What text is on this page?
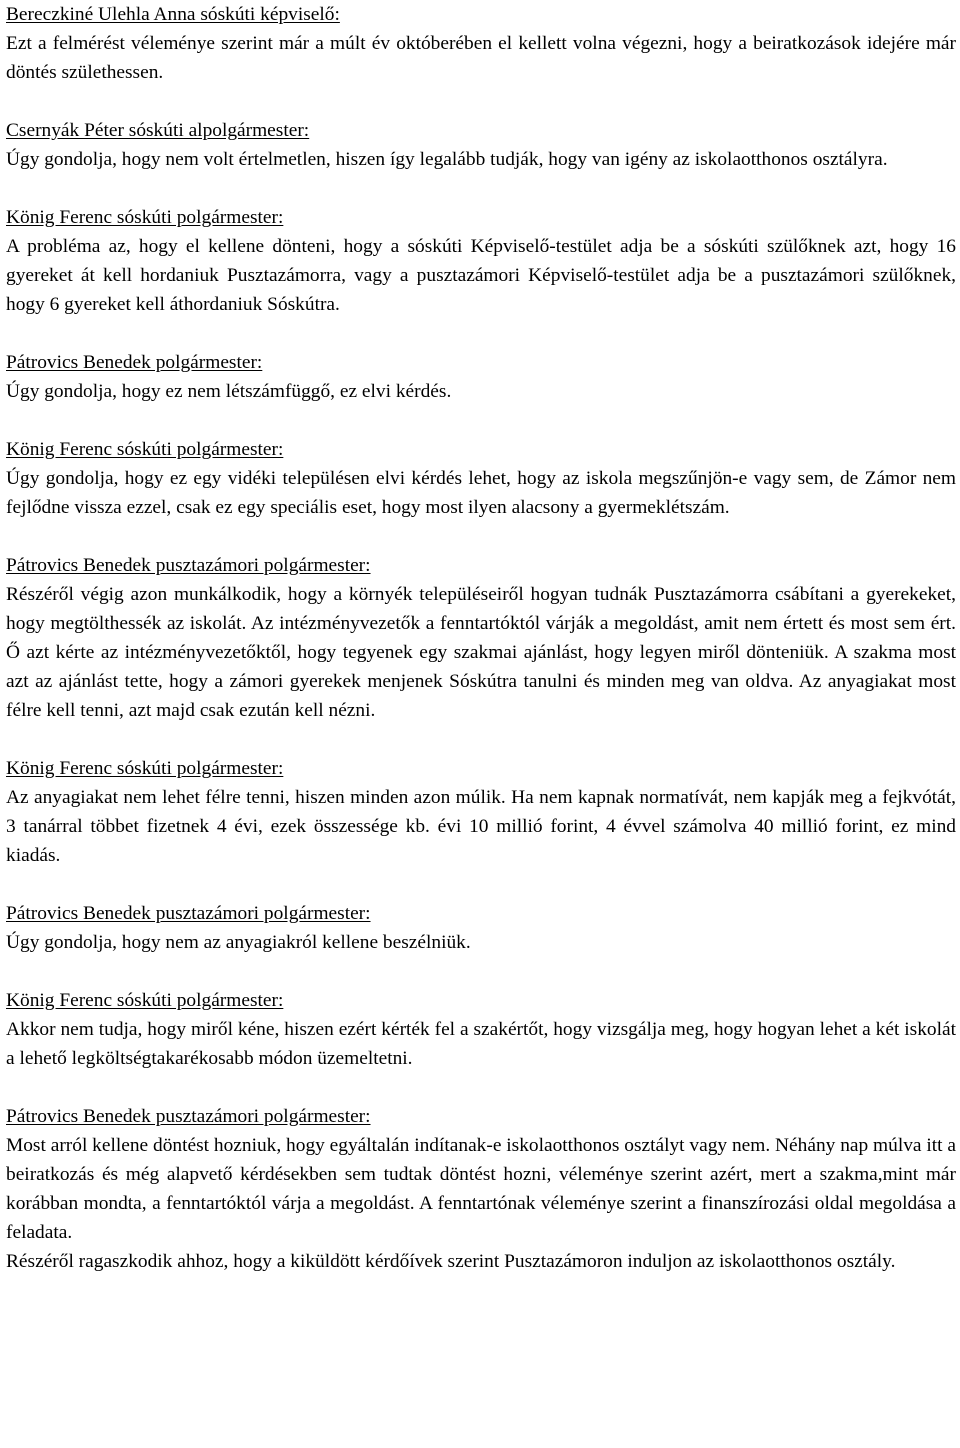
Bereczkiné Ulehla Anna sóskúti képviselő:

Ezt a felmérést véleménye szerint már a múlt év októberében el kellett volna végezni, hogy a beiratkozások idejére már döntés születhessen.

Csernyák Péter sóskúti alpolgármester:

Úgy gondolja, hogy nem volt értelmetlen, hiszen így legalább tudják, hogy van igény az iskolaotthonos osztályra.

König Ferenc sóskúti polgármester:

A probléma az, hogy el kellene dönteni, hogy a sóskúti Képviselő-testület adja be a sóskúti szülőknek azt, hogy 16 gyereket át kell hordaniuk Pusztazámorra, vagy a pusztazámori Képviselő-testület adja be a pusztazámori szülőknek, hogy 6 gyereket kell áthordaniuk Sóskútra.

Pátrovics Benedek polgármester:

Úgy gondolja, hogy ez nem létszámfüggő, ez elvi kérdés.

König Ferenc sóskúti polgármester:

Úgy gondolja, hogy ez egy vidéki településen elvi kérdés lehet, hogy az iskola megszűnjön-e vagy sem, de Zámor nem fejlődne vissza ezzel, csak ez egy speciális eset, hogy most ilyen alacsony a gyermeklétszám.

Pátrovics Benedek pusztazámori polgármester:

Részéről végig azon munkálkodik, hogy a környék településeiről hogyan tudnák Pusztazámorra csábítani a gyerekeket, hogy megtölthessék az iskolát. Az intézményvezetők a fenntartóktól várják a megoldást, amit nem értett és most sem ért. Ő azt kérte az intézményvezetőktől, hogy tegyenek egy szakmai ajánlást, hogy legyen miről dönteniük. A szakma most azt az ajánlást tette, hogy a zámori gyerekek menjenek Sóskútra tanulni és minden meg van oldva. Az anyagiakat most félre kell tenni, azt majd csak ezután kell nézni.

König Ferenc sóskúti polgármester:

Az anyagiakat nem lehet félre tenni, hiszen minden azon múlik. Ha nem kapnak normatívát, nem kapják meg a fejkvótát, 3 tanárral többet fizetnek 4 évi, ezek összessége kb. évi 10 millió forint, 4 évvel számolva 40 millió forint, ez mind kiadás.

Pátrovics Benedek pusztazámori polgármester:

Úgy gondolja, hogy nem az anyagiakról kellene beszélniük.

König Ferenc sóskúti polgármester:

Akkor nem tudja, hogy miről kéne, hiszen ezért kérték fel a szakértőt, hogy vizsgálja meg, hogy hogyan lehet a két iskolát a lehető legköltségtakarékosabb módon üzemeltetni.

Pátrovics Benedek pusztazámori polgármester:

Most arról kellene döntést hozniuk, hogy egyáltalán indítanak-e iskolaotthonos osztályt vagy nem. Néhány nap múlva itt a beiratkozás és még alapvető kérdésekben sem tudtak döntést hozni, véleménye szerint azért, mert a szakma,mint már korábban mondta, a fenntartóktól várja a megoldást. A fenntartónak véleménye szerint a finanszírozási oldal megoldása a feladata.

Részéről ragaszkodik ahhoz, hogy a kiküldött kérdőívek szerint Pusztazámoron induljon az iskolaotthonos osztály.
